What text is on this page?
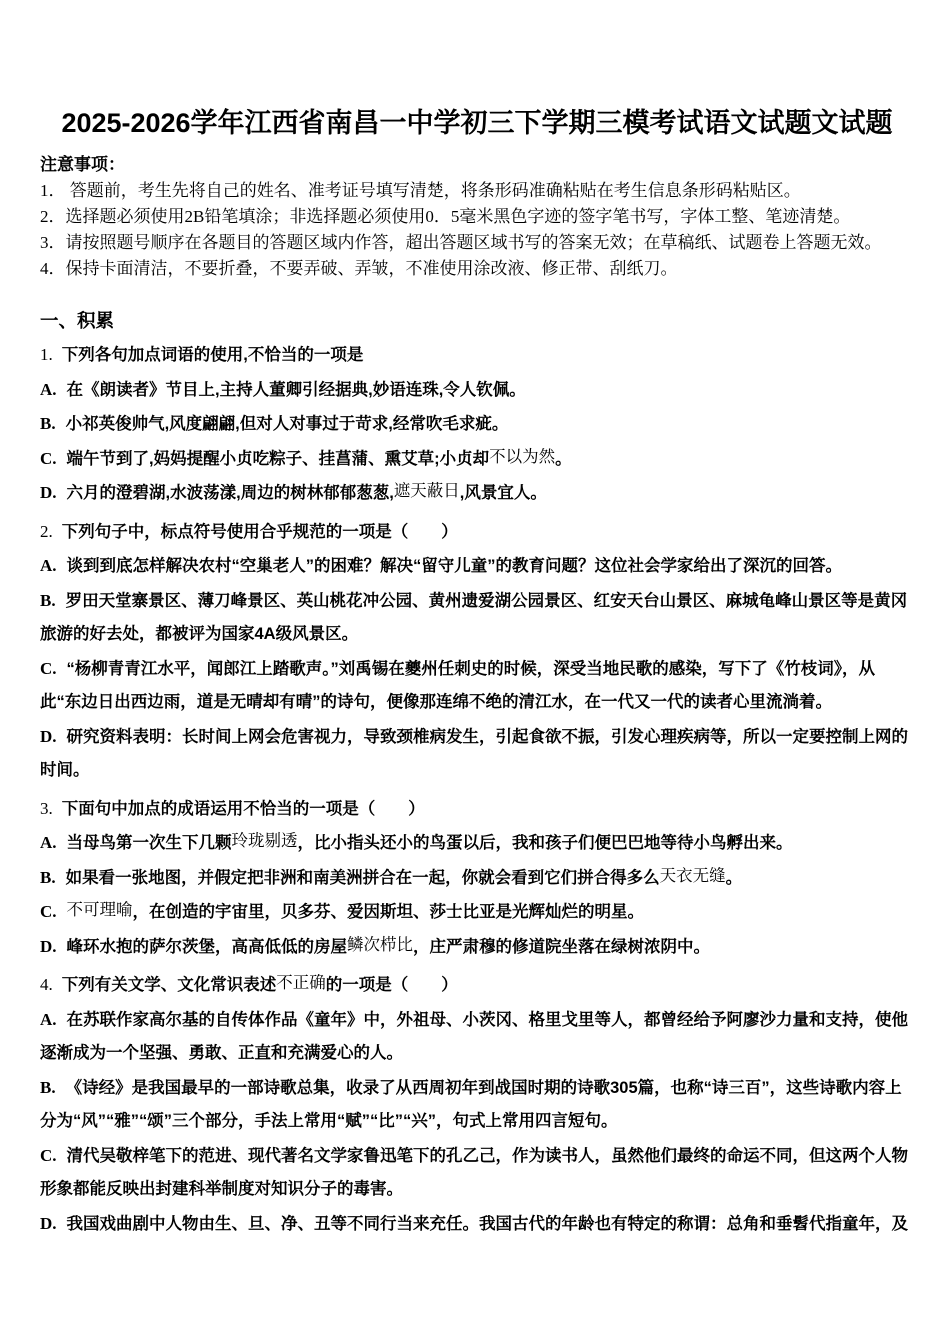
2025-2026学年江西省南昌一中学初三下学期三模考试语文试题文试题

注意事项：

1． 答题前，考生先将自己的姓名、准考证号填写清楚，将条形码准确粘贴在考生信息条形码粘贴区。

2．选择题必须使用2B铅笔填涂；非选择题必须使用0．5毫米黑色字迹的签字笔书写，字体工整、笔迹清楚。

3．请按照题号顺序在各题目的答题区域内作答，超出答题区域书写的答案无效；在草稿纸、试题卷上答题无效。

4．保持卡面清洁，不要折叠，不要弄破、弄皱，不准使用涂改液、修正带、刮纸刀。

一、积累

1. 下列各句加点词语的使用,不恰当的一项是

A. 在《朗读者》节目上,主持人董卿引经据典,妙语连珠,令人钦佩。

B. 小祁英俊帅气,风度翩翩,但对人对事过于苛求,经常吹毛求疵。

C. 端午节到了,妈妈提醒小贞吃粽子、挂菖蒲、熏艾草;小贞却不以为然。

D. 六月的澄碧湖,水波荡漾,周边的树林郁郁葱葱,遮天蔽日,风景宜人。

2. 下列句子中，标点符号使用合乎规范的一项是（　　）

A. 谈到到底怎样解决农村“空巢老人”的困难？解决“留守儿童”的教育问题？这位社会学家给出了深沉的回答。

B. 罗田天堂寨景区、薄刀峰景区、英山桃花冲公园、黄州遗爱湖公园景区、红安天台山景区、麻城龟峰山景区等是黄冈旅游的好去处，都被评为国家4A级风景区。

C. “杨柳青青江水平，闻郎江上踏歌声。”刘禹锡在夔州任刺史的时候，深受当地民歌的感染，写下了《竹枝词》，从此“东边日出西边雨，道是无晴却有晴”的诗句，便像那连绵不绝的清江水，在一代又一代的读者心里流淌着。

D. 研究资料表明：长时间上网会危害视力，导致颈椎病发生，引起食欲不振，引发心理疾病等，所以一定要控制上网的时间。

3. 下面句中加点的成语运用不恰当的一项是（　　）

A. 当母鸟第一次生下几颗玲珑剔透，比小指头还小的鸟蛋以后，我和孩子们便巴巴地等待小鸟孵出来。

B. 如果看一张地图，并假定把非洲和南美洲拼合在一起，你就会看到它们拼合得多么天衣无缝。

C. 不可理喻，在创造的宇宙里，贝多芬、爱因斯坦、莎士比亚是光辉灿烂的明星。

D. 峰环水抱的萨尔茨堡，高高低低的房屋鳞次栉比，庄严肃穆的修道院坐落在绿树浓阴中。

4. 下列有关文学、文化常识表述不正确的一项是（　　）

A. 在苏联作家高尔基的自传体作品《童年》中，外祖母、小茨冈、格里戈里等人，都曾经给予阿廖沙力量和支持，使他逐渐成为一个坚强、勇敢、正直和充满爱心的人。

B. 《诗经》是我国最早的一部诗歌总集，收录了从西周初年到战国时期的诗歌305篇，也称“诗三百”，这些诗歌内容上分为“风”“雅”“颂”三个部分，手法上常用“赋”“比”“兴”，句式上常用四言短句。

C. 清代吴敬梓笔下的范进、现代著名文学家鲁迅笔下的孔乙己，作为读书人，虽然他们最终的命运不同，但这两个人物形象都能反映出封建科举制度对知识分子的毒害。

D. 我国戏曲剧中人物由生、旦、净、丑等不同行当来充任。我国古代的年龄也有特定的称谓：总角和垂髫代指童年，及
